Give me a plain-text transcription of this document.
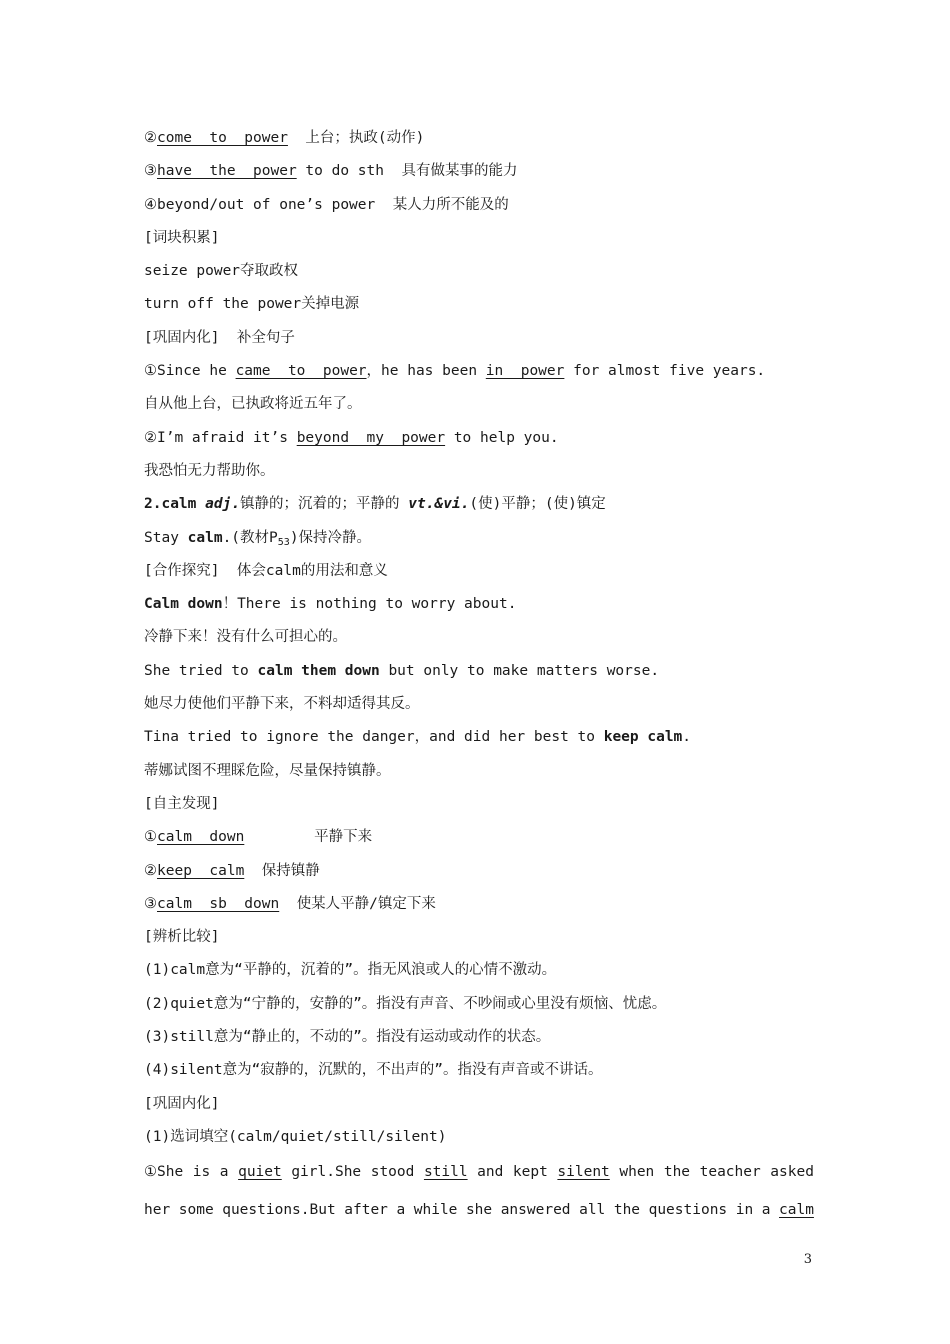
②come  to  power 上台；执政(动作)
③have  the  power to do sth  具有做某事的能力
④beyond/out of one’s power  某人力所不能及的
[词块积累]
seize power夺取政权
turn off the power关掉电源
[巩固内化]  补全句子
①Since he came  to  power，he has been in  power for almost five years.
自从他上台，已执政将近五年了。
②I’m afraid it’s beyond  my  power to help you.
我恐怕无力帮助你。
2.calm adj.镇静的；沉着的；平静的 vt.&vi.(使)平静；(使)镇定
Stay calm.(教材$P_{53}$)保持冷静。
[合作探究]  体会calm的用法和意义
Calm down！There is nothing to worry about.
冷静下来！没有什么可担心的。
She tried to calm them down but only to make matters worse.
她尽力使他们平静下来，不料却适得其反。
Tina tried to ignore the danger，and did her best to keep calm.
蒂娜试图不理睬危险，尽量保持镇静。
[自主发现]
①calm  down	平静下来
②keep  calm 保持镇静
③calm  sb  down 使某人平静/镇定下来
[辨析比较]
(1)calm意为“平静的，沉着的”。指无风浪或人的心情不激动。
(2)quiet意为“宁静的，安静的”。指没有声音、不吵闹或心里没有烦恼、忧虑。
(3)still意为“静止的，不动的”。指没有运动或动作的状态。
(4)silent意为“寂静的，沉默的，不出声的”。指没有声音或不讲话。
[巩固内化]
(1)选词填空(calm/quiet/still/silent)
①She is a quiet girl.She stood still and kept silent when the teacher asked
her some questions.But after a while she answered all the questions in a calm
3
